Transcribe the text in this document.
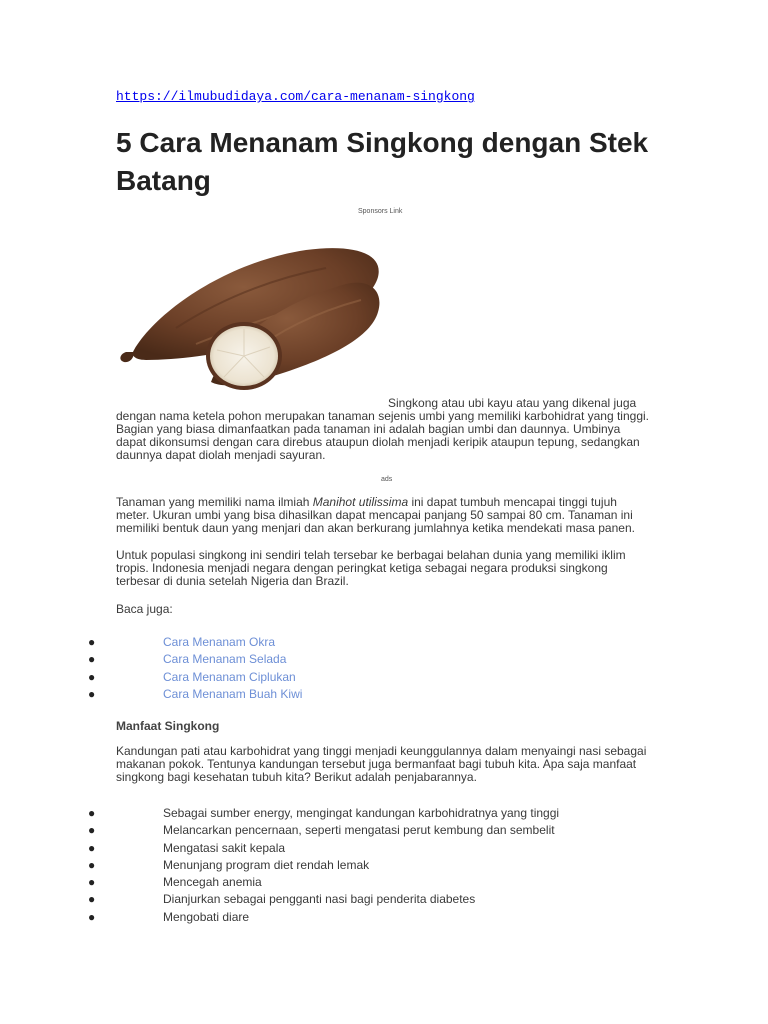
https://ilmubudidaya.com/cara-menanam-singkong
5 Cara Menanam Singkong dengan Stek Batang
Sponsors Link

Singkong atau ubi kayu atau yang dikenal juga
dengan nama ketela pohon merupakan tanaman sejenis umbi yang memiliki karbohidrat yang tinggi. Bagian yang biasa dimanfaatkan pada tanaman ini adalah bagian umbi dan daunnya. Umbinya dapat dikonsumsi dengan cara direbus ataupun diolah menjadi keripik ataupun tepung, sedangkan daunnya dapat diolah menjadi sayuran.

ads

Tanaman yang memiliki nama ilmiah Manihot utilissima ini dapat tumbuh mencapai tinggi tujuh meter. Ukuran umbi yang bisa dihasilkan dapat mencapai panjang 50 sampai 80 cm. Tanaman ini memiliki bentuk daun yang menjari dan akan berkurang jumlahnya ketika mendekati masa panen.

Untuk populasi singkong ini sendiri telah tersebar ke berbagai belahan dunia yang memiliki iklim tropis. Indonesia menjadi negara dengan peringkat ketiga sebagai negara produksi singkong terbesar di dunia setelah Nigeria dan Brazil.

Baca juga:

●	Cara Menanam Okra
●	Cara Menanam Selada
●	Cara Menanam Ciplukan
●	Cara Menanam Buah Kiwi
Manfaat Singkong

Kandungan pati atau karbohidrat yang tinggi menjadi keunggulannya dalam menyaingi nasi sebagai makanan pokok. Tentunya kandungan tersebut juga bermanfaat bagi tubuh kita. Apa saja manfaat singkong bagi kesehatan tubuh kita? Berikut adalah penjabarannya.

●	Sebagai sumber energy, mengingat kandungan karbohidratnya yang tinggi
●	Melancarkan pencernaan, seperti mengatasi perut kembung dan sembelit
●	Mengatasi sakit kepala
●	Menunjang program diet rendah lemak
●	Mencegah anemia
●	Dianjurkan sebagai pengganti nasi bagi penderita diabetes
●	Mengobati diare
